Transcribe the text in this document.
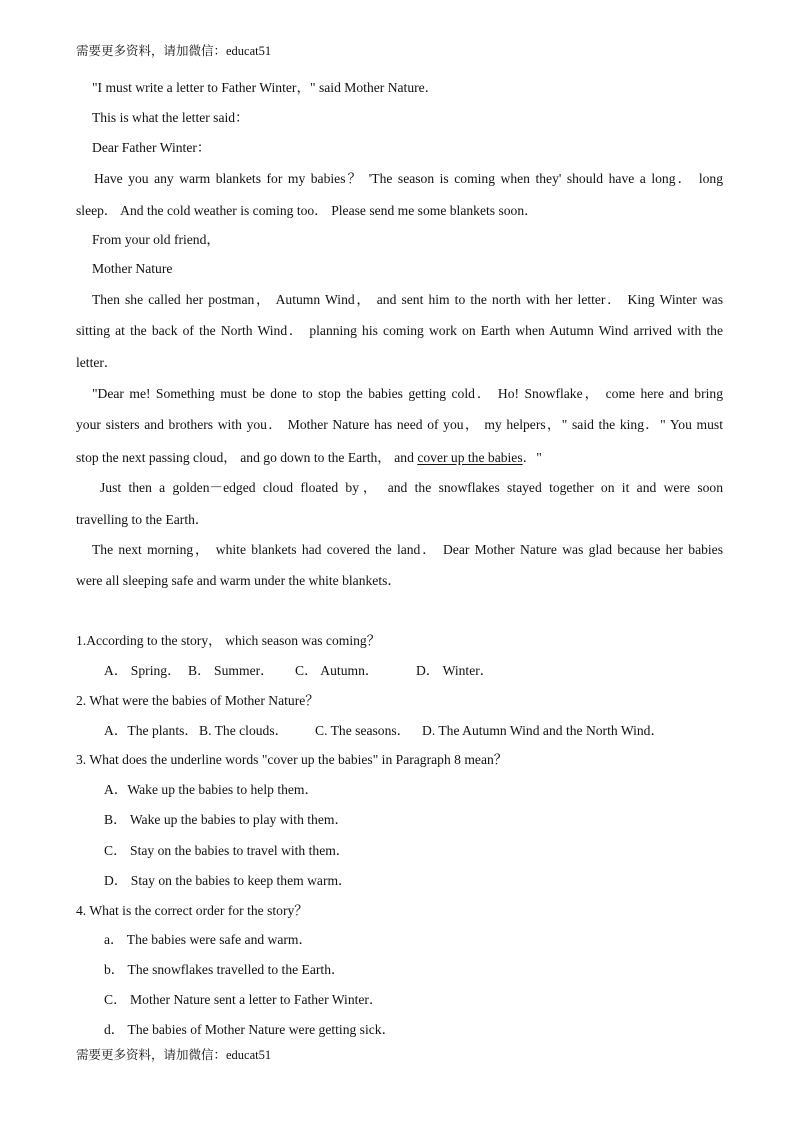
需要更多资料，请加微信：educat51
"I must write a letter to Father Winter，" said Mother Nature．
This is what the letter said：
Dear Father Winter：
Have you any warm blankets for my babies？ 'The season is coming when they' should have a long． long
sleep． And the cold weather is coming too． Please send me some blankets soon．
From your old friend，
Mother Nature
Then she called her postman， Autumn Wind， and sent him to the north with her letter． King Winter was
sitting at the back of the North Wind． planning his coming work on Earth when Autumn Wind arrived with the
letter．
"Dear me! Something must be done to stop the babies getting cold． Ho! Snowflake， come here and bring
your sisters and brothers with you． Mother Nature has need of you， my helpers，" said the king．" You must
stop the next passing cloud， and go down to the Earth， and cover up the babies．"
Just then a golden－edged cloud floated by， and the snowflakes stayed together on it and were soon
travelling to the Earth．
The next morning， white blankets had covered the land． Dear Mother Nature was glad because her babies
were all sleeping safe and warm under the white blankets．
1.According to the story， which season was coming？
A． Spring． B． Summer． C． Autumn．	D． Winter．
2. What were the babies of Mother Nature？
A．The plants．B. The clouds． C. The seasons． D. The Autumn Wind and the North Wind．
3. What does the underline words "cover up the babies" in Paragraph 8 mean？
A．Wake up the babies to help them．
B． Wake up the babies to play with them．
C． Stay on the babies to travel with them．
D． Stay on the babies to keep them warm．
4. What is the correct order for the story？
a． The babies were safe and warm．
b． The snowflakes travelled to the Earth．
C． Mother Nature sent a letter to Father Winter．
d． The babies of Mother Nature were getting sick．
需要更多资料，请加微信：educat51
